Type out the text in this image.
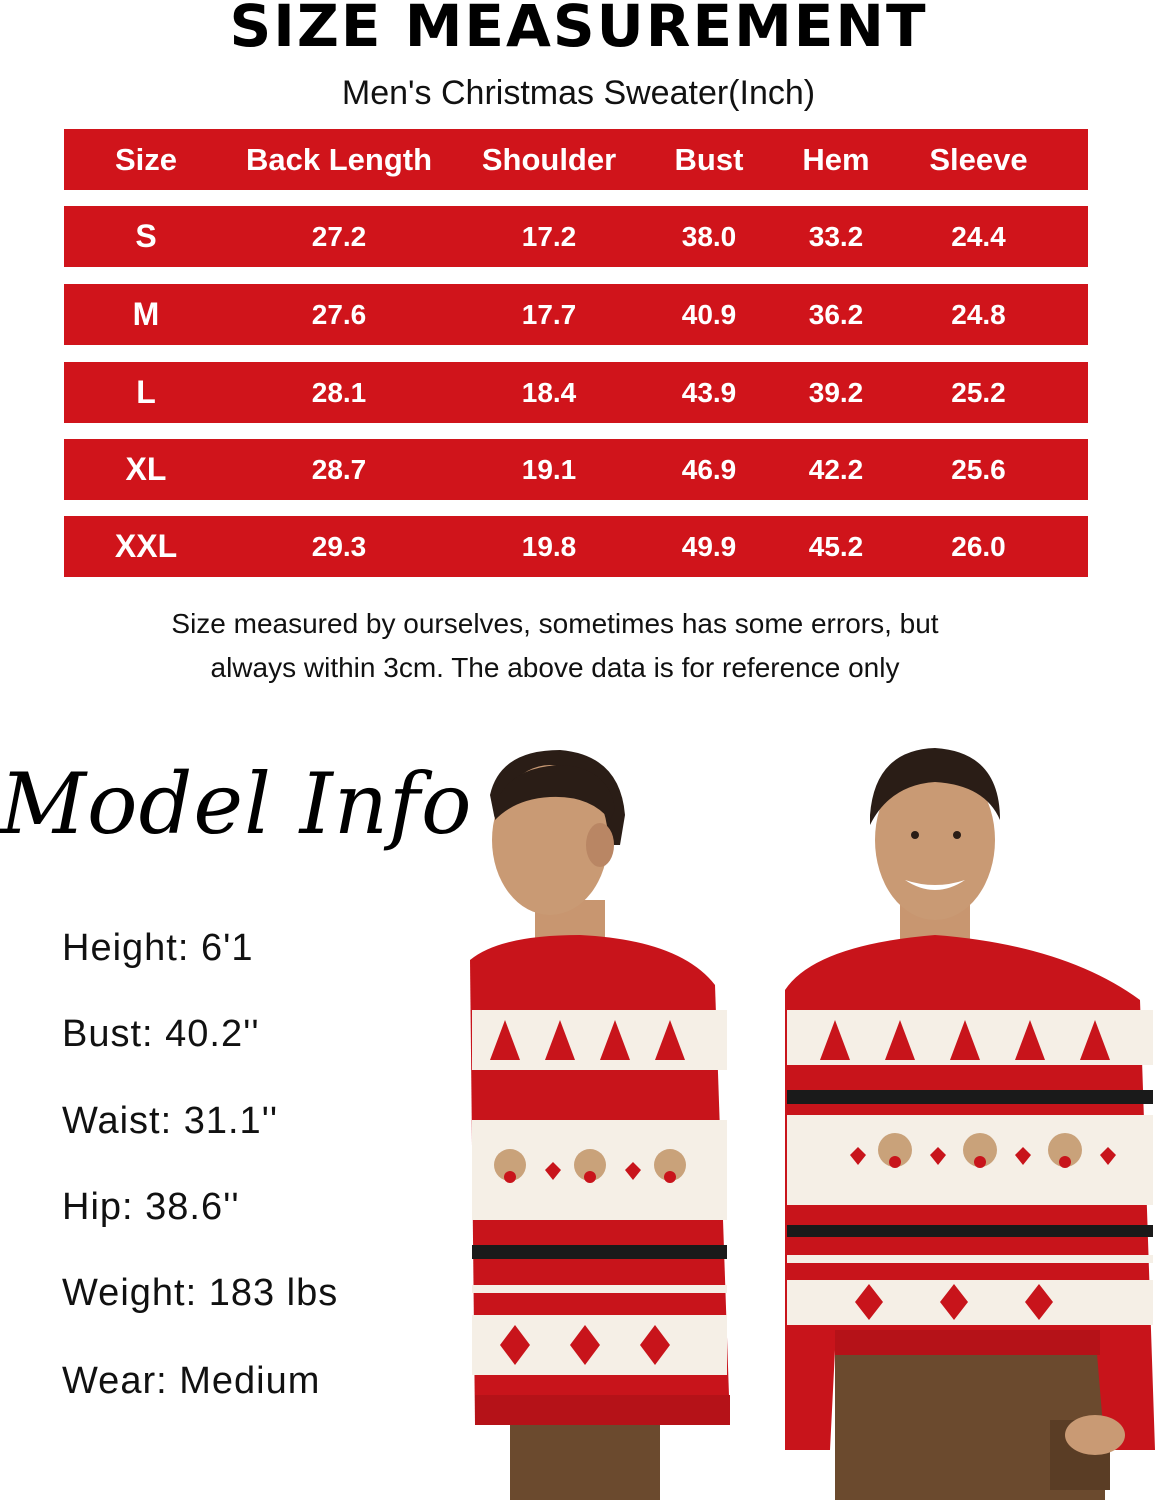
SIZE MEASUREMENT
Men's Christmas Sweater(Inch)
Size	Back Length	Shoulder	Bust	Hem	Sleeve
S	27.2	17.2	38.0	33.2	24.4
M	27.6	17.7	40.9	36.2	24.8
L	28.1	18.4	43.9	39.2	25.2
XL	28.7	19.1	46.9	42.2	25.6
XXL	29.3	19.8	49.9	45.2	26.0
Size measured by ourselves, sometimes has some errors, but
always within 3cm. The above data is for reference only
Model Info
Height: 6'1
Bust: 40.2''
Waist: 31.1''
Hip: 38.6''
Weight: 183 lbs
Wear: Medium
